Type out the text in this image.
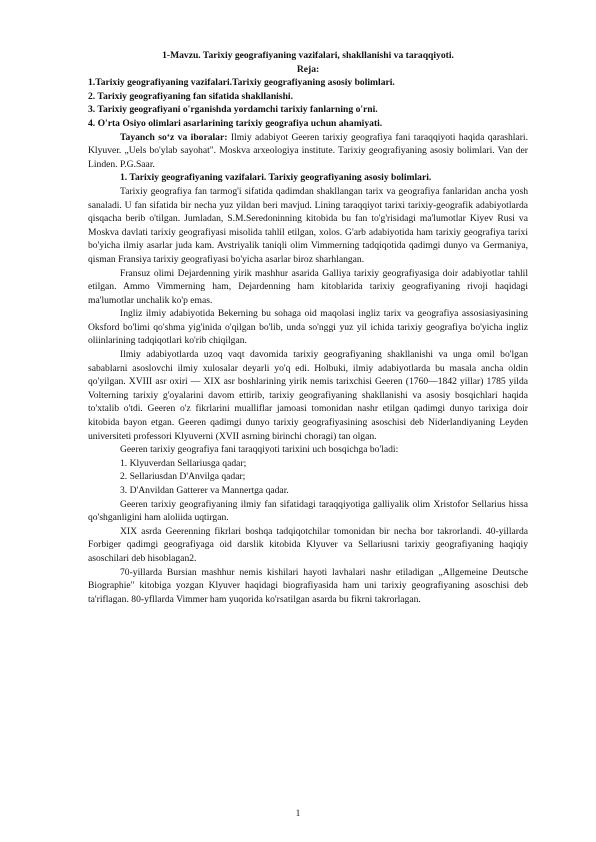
1-Mavzu. Tarixiy geografiyaning vazifalari, shakllanishi va taraqqiyoti.

Reja:

1.Tarixiy geografiyaning vazifalari.Tarixiy geografiyaning asosiy bolimlari.

2. Tarixiy geografiyaning fan sifatida shakllanishi.

3. Tarixiy geografiyani o'rganishda yordamchi tarixiy fanlarning o'rni.

4. O'rta Osiyo olimlari asarlarining tarixiy geografiya uchun ahamiyati.

Tayanch so‘z va iboralar: Ilmiy adabiyot Geeren tarixiy geografiya fani taraqqiyoti haqida qarashlari. Klyuver. „Uels bo'ylab sayohat". Moskva arxeologiya institute. Tarixiy geografiyaning asosiy bolimlari. Van der Linden. P.G.Saar.

1. Tarixiy geografiyaning vazifalari. Tarixiy geografiyaning asosiy bolimlari.

Tarixiy geografiya fan tarmog'i sifatida qadimdan shakllangan tarix va geografiya fanlaridan ancha yosh sanaladi. U fan sifatida bir necha yuz yildan beri mavjud. Lining taraqqiyot tarixi tarixiy-geografik adabiyotlarda qisqacha berib o'tilgan. Jumladan, S.M.Seredoninning kitobida bu fan to'g'risidagi ma'lumotlar Kiyev Rusi va Moskva davlati tarixiy geografiyasi misolida tahlil etilgan, xolos. G'arb adabiyotida ham tarixiy geografiya tarixi bo'yicha ilmiy asarlar juda kam. Avstriyalik taniqli olim Vimmerning tadqiqotida qadimgi dunyo va Germaniya, qisman Fransiya tarixiy geografiyasi bo'yicha asarlar biroz sharhlangan.

Fransuz olimi Dejardenning yirik mashhur asarida Galliya tarixiy geografiyasiga doir adabiyotlar tahlil etilgan. Ammo Vimmerning ham, Dejardenning ham kitoblarida tarixiy geografiyaning rivoji haqidagi ma'lumotlar unchalik ko'p emas.

Ingliz ilmiy adabiyotida Bekerning bu sohaga oid maqolasi ingliz tarix va geografiya assosiasiyasining Oksford bo'limi qo'shma yig'inida o'qilgan bo'lib, unda so'nggi yuz yil ichida tarixiy geografiya bo'yicha ingliz oliinlarining tadqiqotlari ko'rib chiqilgan.

Ilmiy adabiyotlarda uzoq vaqt davomida tarixiy geografiyaning shakllanishi va unga omil bo'lgan sabablarni asoslovchi ilmiy xulosalar deyarli yo'q edi. Holbuki, ilmiy adabiyotlarda bu masala ancha oldin qo'yilgan. XVIII asr oxiri — XIX asr boshlarining yirik nemis tarixchisi Geeren (1760—1842 yillar) 1785 yilda Volterning tarixiy g'oyalarini davom ettirib, tarixiy geografiyaning shakllanishi va asosiy bosqichlari haqida to'xtalib o'tdi. Geeren o'z fikrlarini mualliflar jamoasi tomonidan nashr etilgan qadimgi dunyo tarixiga doir kitobida bayon etgan. Geeren qadimgi dunyo tarixiy geografiyasining asoschisi deb Niderlandiyaning Leyden universiteti professori Klyuverni (XVII asrning birinchi choragi) tan olgan.

Geeren tarixiy geografiya fani taraqqiyoti tarixini uch bosqichga bo'ladi:

1. Klyuverdan Sellariusga qadar;

2. Sellariusdan D'Anvilga qadar;

3. D'Anvildan Gatterer va Mannertga qadar.

Geeren tarixiy geografiyaning ilmiy fan sifatidagi taraqqiyotiga galliyalik olim Xristofor Sellarius hissa qo'shganligini ham aloliida uqtirgan.

XIX asrda Geerenning fikrlari boshqa tadqiqotchilar tomonidan bir necha bor takrorlandi. 40-yillarda Forbiger qadimgi geografiyaga oid darslik kitobida Klyuver va Sellariusni tarixiy geografiyaning haqiqiy asoschilari deb hisoblagan2.

70-yillarda Bursian mashhur nemis kishilari hayoti lavhalari nashr etiladigan „Allgemeine Deutsche Biographie" kitobiga yozgan Klyuver haqidagi biografiyasida ham uni tarixiy geografiyaning asoschisi deb ta'riflagan. 80-yfllarda Vimmer ham yuqorida ko'rsatilgan asarda bu fikrni takrorlagan.

1
